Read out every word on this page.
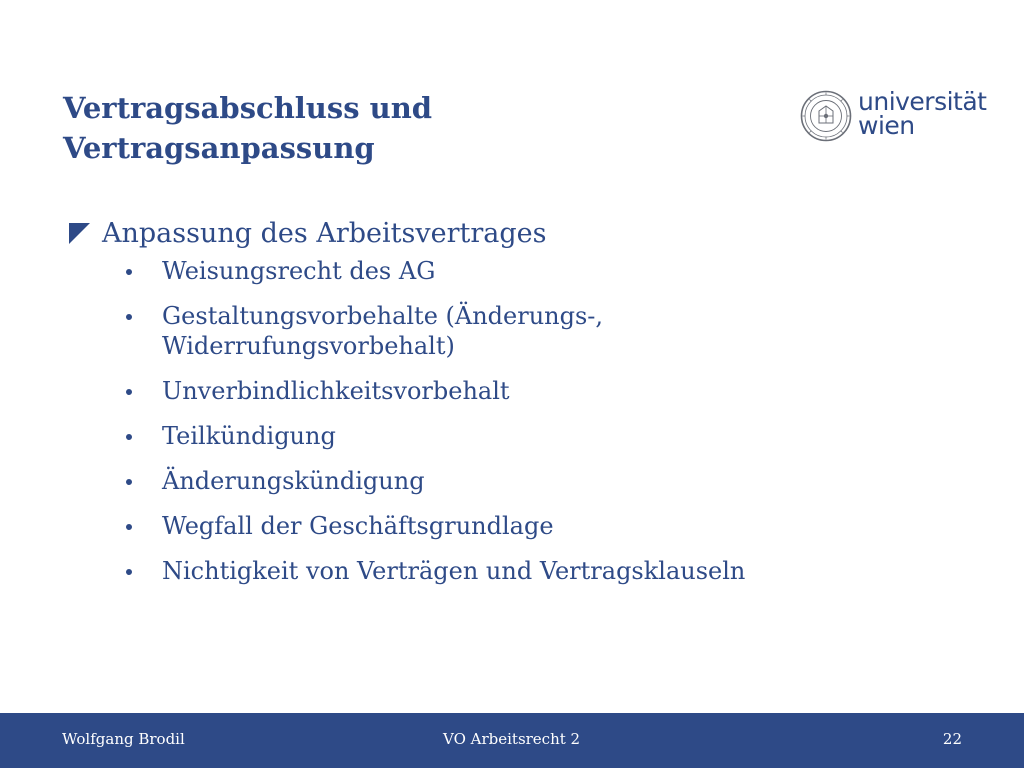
Vertragsabschluss und
Vertragsanpassung
universität
wien
Anpassung des Arbeitsvertrages
Weisungsrecht des AG
Gestaltungsvorbehalte (Änderungs-,
Widerrufungsvorbehalt)
Unverbindlichkeitsvorbehalt
Teilkündigung
Änderungskündigung
Wegfall der Geschäftsgrundlage
Nichtigkeit von Verträgen und Vertragsklauseln
Wolfgang Brodil	VO Arbeitsrecht 2	22
